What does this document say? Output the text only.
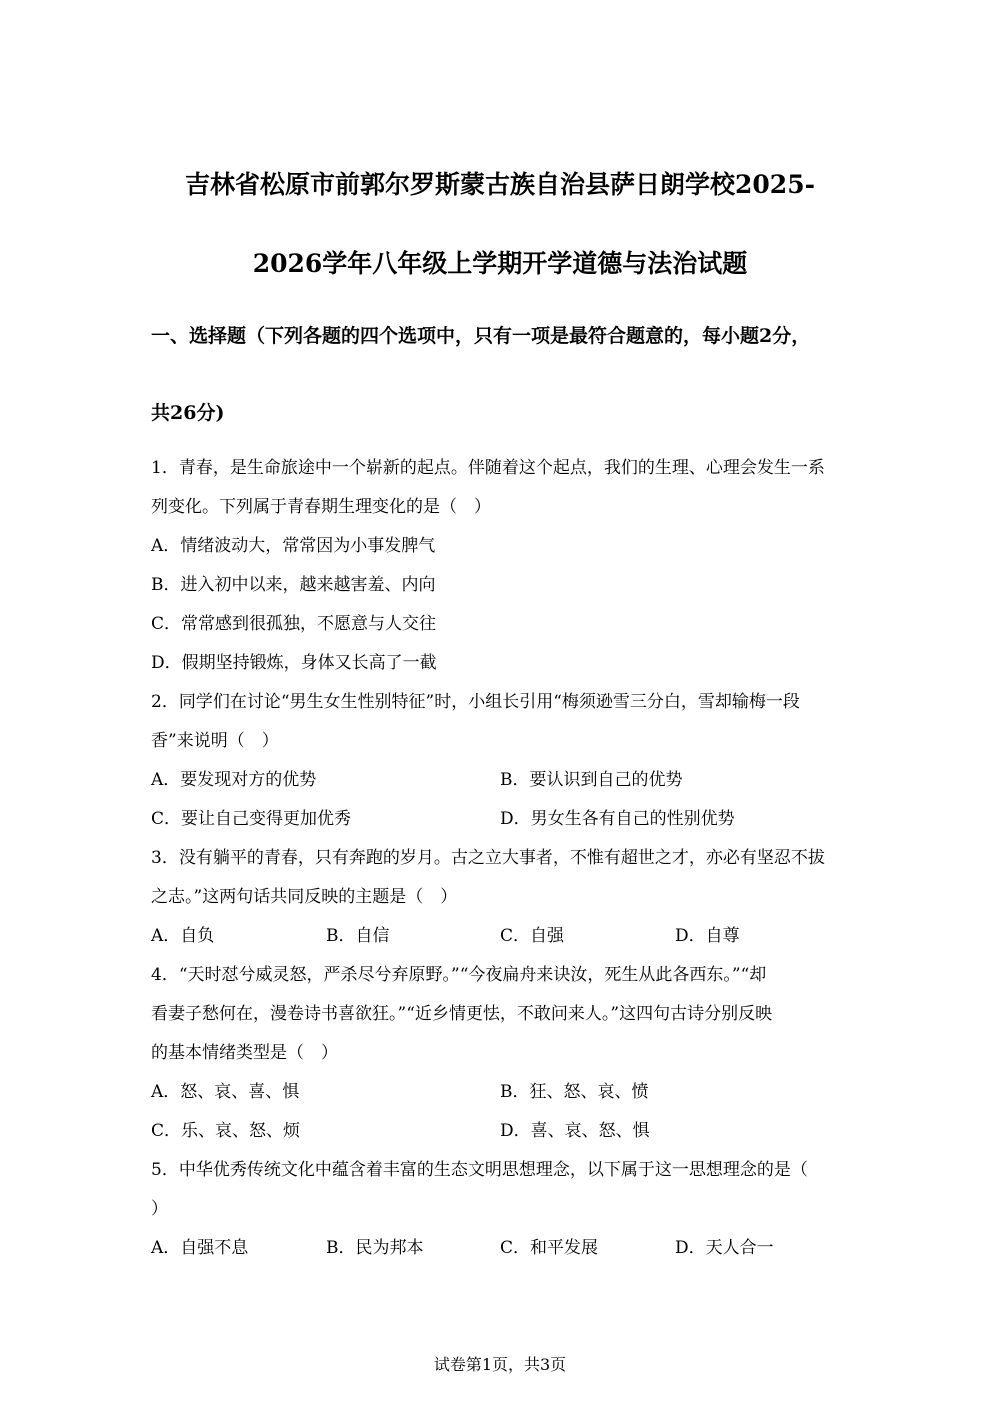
吉林省松原市前郭尔罗斯蒙古族自治县萨日朗学校2025-
2026学年八年级上学期开学道德与法治试题
一、选择题（下列各题的四个选项中，只有一项是最符合题意的，每小题2分，
共26分)
1．青春，是生命旅途中一个崭新的起点。伴随着这个起点，我们的生理、心理会发生一系
列变化。下列属于青春期生理变化的是（　）
A．情绪波动大，常常因为小事发脾气
B．进入初中以来，越来越害羞、内向
C．常常感到很孤独，不愿意与人交往
D．假期坚持锻炼，身体又长高了一截
2．同学们在讨论“男生女生性别特征”时，小组长引用“梅须逊雪三分白，雪却输梅一段
香”来说明（　）
A．要发现对方的优势	B．要认识到自己的优势
C．要让自己变得更加优秀	D．男女生各有自己的性别优势
3．没有躺平的青春，只有奔跑的岁月。古之立大事者，不惟有超世之才，亦必有坚忍不拔
之志。”这两句话共同反映的主题是（　）
A．自负	B．自信	C．自强	D．自尊
4．“天时怼兮威灵怒，严杀尽兮弃原野。”“今夜扁舟来诀汝，死生从此各西东。”“却
看妻子愁何在，漫卷诗书喜欲狂。”“近乡情更怯，不敢问来人。”这四句古诗分别反映
的基本情绪类型是（　）
A．怒、哀、喜、惧	B．狂、怒、哀、愤
C．乐、哀、怒、烦	D．喜、哀、怒、惧
5．中华优秀传统文化中蕴含着丰富的生态文明思想理念，以下属于这一思想理念的是（
）
A．自强不息	B．民为邦本	C．和平发展	D．天人合一
试卷第1页，共3页
